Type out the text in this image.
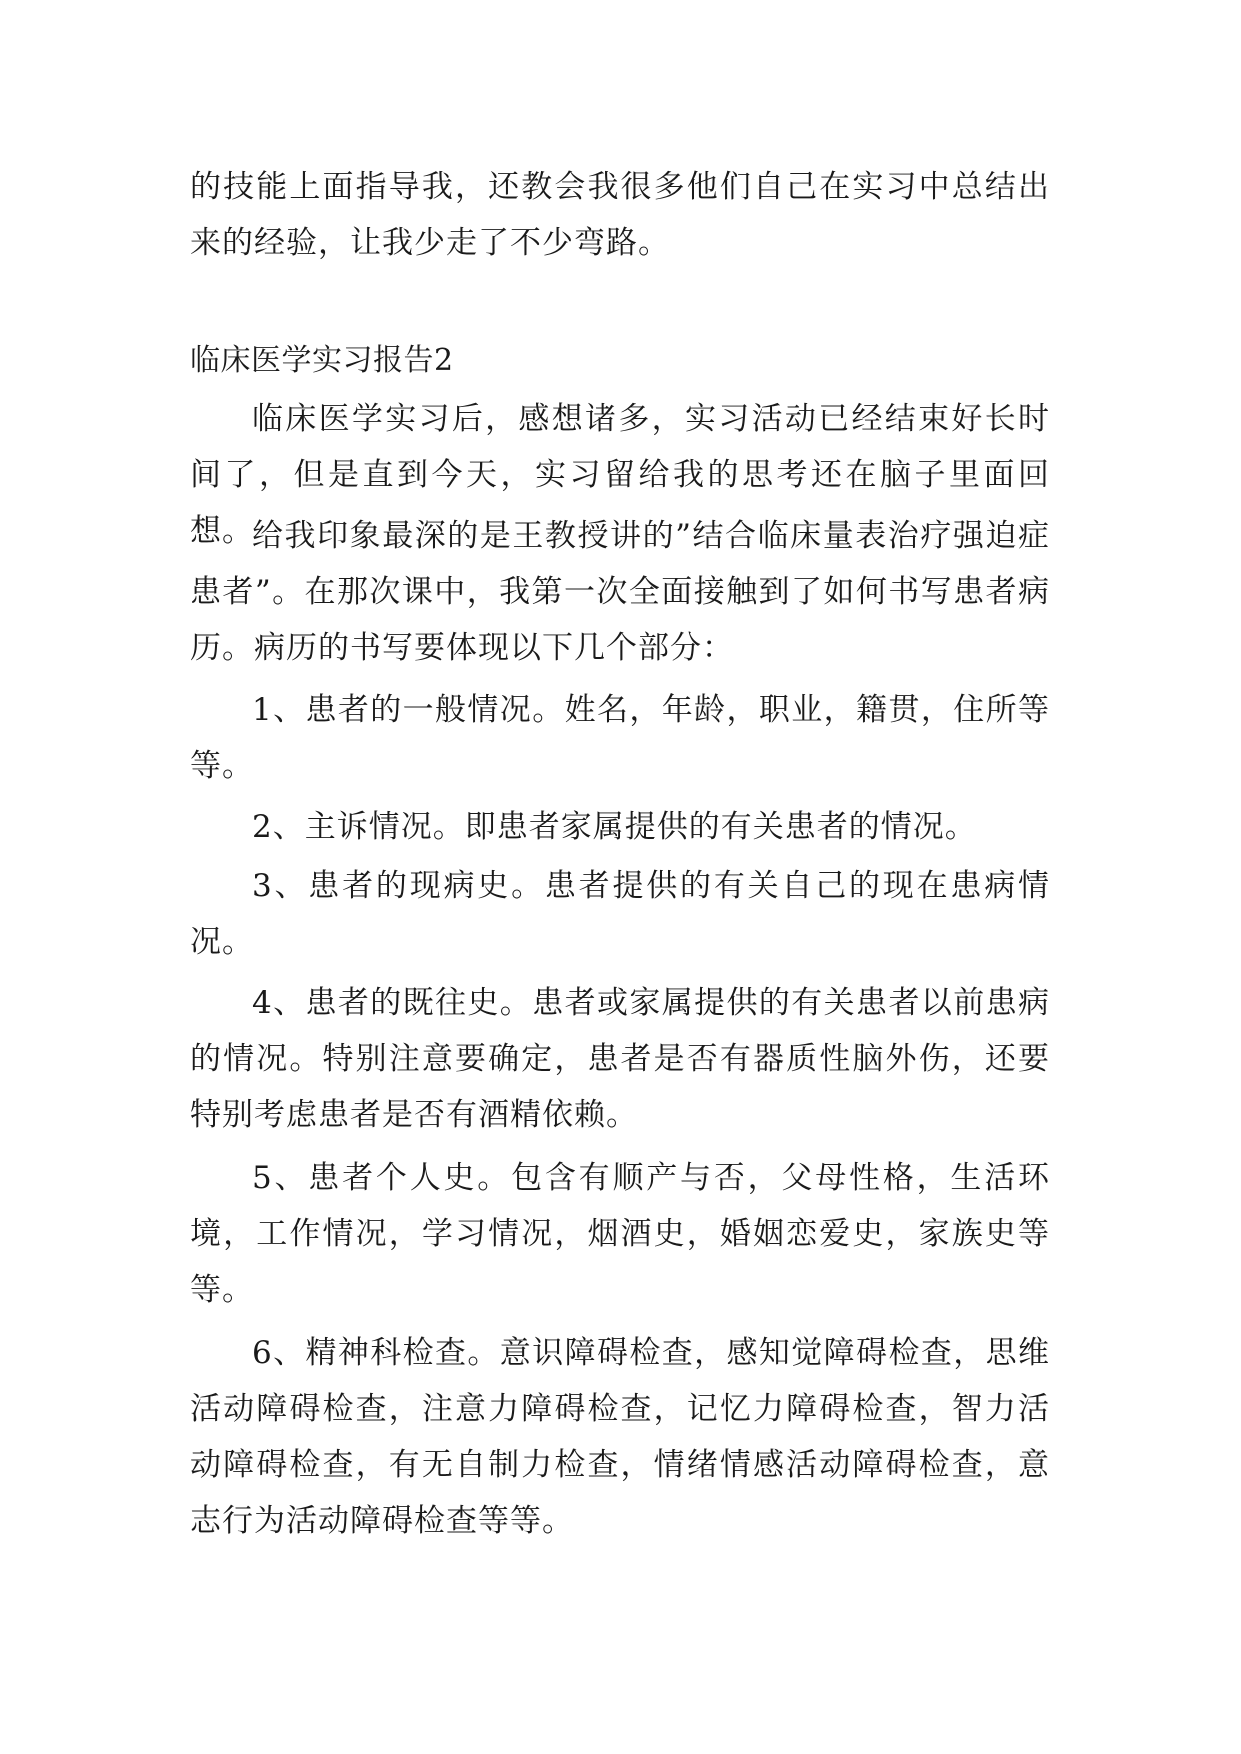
的技能上面指导我，还教会我很多他们自己在实习中总结出来的经验，让我少走了不少弯路。

临床医学实习报告2

临床医学实习后，感想诸多，实习活动已经结束好长时间了，但是直到今天，实习留给我的思考还在脑子里面回想。

给我印象最深的是王教授讲的”结合临床量表治疗强迫症患者”。在那次课中，我第一次全面接触到了如何书写患者病历。病历的书写要体现以下几个部分：

1、患者的一般情况。姓名，年龄，职业，籍贯，住所等等。

2、主诉情况。即患者家属提供的有关患者的情况。

3、患者的现病史。患者提供的有关自己的现在患病情况。

4、患者的既往史。患者或家属提供的有关患者以前患病的情况。特别注意要确定，患者是否有器质性脑外伤，还要特别考虑患者是否有酒精依赖。

5、患者个人史。包含有顺产与否，父母性格，生活环境，工作情况，学习情况，烟酒史，婚姻恋爱史，家族史等等。

6、精神科检查。意识障碍检查，感知觉障碍检查，思维活动障碍检查，注意力障碍检查，记忆力障碍检查，智力活动障碍检查，有无自制力检查，情绪情感活动障碍检查，意志行为活动障碍检查等等。
